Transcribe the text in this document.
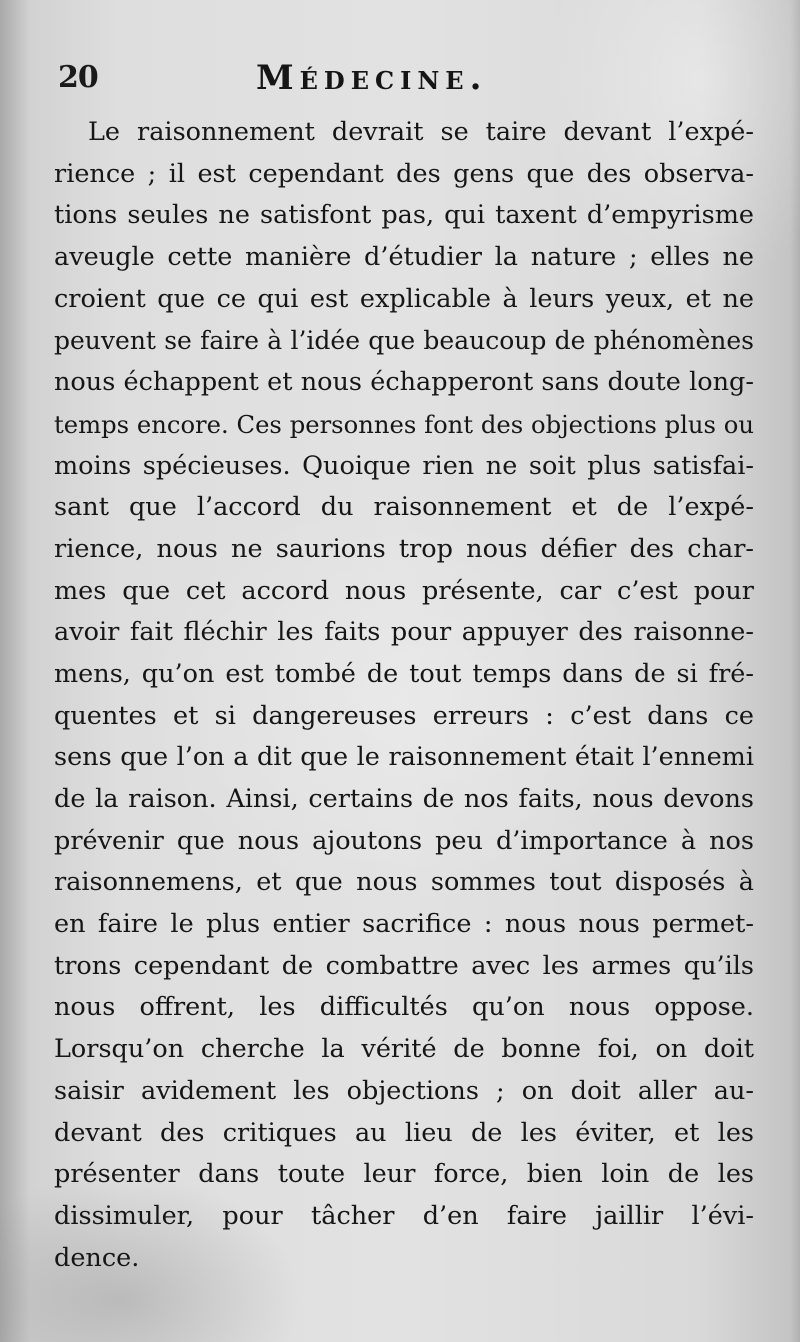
20	Médecine.
Le raisonnement devrait se taire devant l’expé-
rience ; il est cependant des gens que des observa-
tions seules ne satisfont pas, qui taxent d’empyrisme
aveugle cette manière d’étudier la nature ; elles ne
croient que ce qui est explicable à leurs yeux, et ne
peuvent se faire à l’idée que beaucoup de phénomènes
nous échappent et nous échapperont sans doute long-
temps encore. Ces personnes font des objections plus ou
moins spécieuses. Quoique rien ne soit plus satisfai-
sant que l’accord du raisonnement et de l’expé-
rience, nous ne saurions trop nous défier des char-
mes que cet accord nous présente, car c’est pour
avoir fait fléchir les faits pour appuyer des raisonne-
mens, qu’on est tombé de tout temps dans de si fré-
quentes et si dangereuses erreurs : c’est dans ce
sens que l’on a dit que le raisonnement était l’ennemi
de la raison. Ainsi, certains de nos faits, nous devons
prévenir que nous ajoutons peu d’importance à nos
raisonnemens, et que nous sommes tout disposés à
en faire le plus entier sacrifice : nous nous permet-
trons cependant de combattre avec les armes qu’ils
nous offrent, les difficultés qu’on nous oppose.
Lorsqu’on cherche la vérité de bonne foi, on doit
saisir avidement les objections ; on doit aller au-
devant des critiques au lieu de les éviter, et les
présenter dans toute leur force, bien loin de les
dissimuler, pour tâcher d’en faire jaillir l’évi-
dence.
